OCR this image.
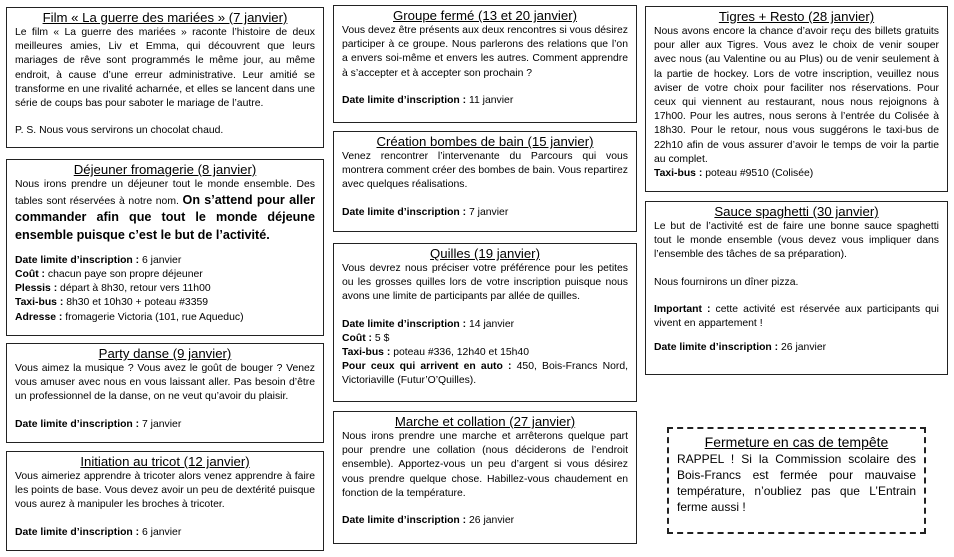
Film « La guerre des mariées » (7 janvier)

Le film « La guerre des mariées » raconte l’histoire de deux meilleures amies, Liv et Emma, qui découvrent que leurs mariages de rêve sont programmés le même jour, au même endroit, à cause d’une erreur administrative. Leur amitié se transforme en une rivalité acharnée, et elles se lancent dans une série de coups bas pour saboter le mariage de l’autre.

P. S. Nous vous servirons un chocolat chaud.

Déjeuner fromagerie (8 janvier)

Nous irons prendre un déjeuner tout le monde ensemble. Des tables sont réservées à notre nom. On s’attend pour aller commander afin que tout le monde déjeune ensemble puisque c’est le but de l’activité.

Date limite d’inscription : 6 janvier

Coût : chacun paye son propre déjeuner

Plessis : départ à 8h30, retour vers 11h00

Taxi-bus : 8h30 et 10h30 + poteau #3359

Adresse : fromagerie Victoria (101, rue Aqueduc)

Party danse (9 janvier)

Vous aimez la musique ? Vous avez le goût de bouger ? Venez vous amuser avec nous en vous laissant aller. Pas besoin d’être un professionnel de la danse, on ne veut qu’avoir du plaisir.

Date limite d’inscription : 7 janvier

Initiation au tricot (12 janvier)

Vous aimeriez apprendre à tricoter alors venez apprendre à faire les points de base. Vous devez avoir un peu de dextérité puisque vous aurez à manipuler les broches à tricoter.

Date limite d’inscription : 6 janvier

Groupe fermé (13 et 20 janvier)

Vous devez être présents aux deux rencontres si vous désirez participer à ce groupe. Nous parlerons des relations que l’on a envers soi-même et envers les autres. Comment apprendre à s’accepter et à accepter son prochain ?

Date limite d’inscription : 11 janvier

Création bombes de bain (15 janvier)

Venez rencontrer l’intervenante du Parcours qui vous montrera comment créer des bombes de bain. Vous repartirez avec quelques réalisations.

Date limite d’inscription : 7 janvier

Quilles (19 janvier)

Vous devrez nous préciser votre préférence pour les petites ou les grosses quilles lors de votre inscription puisque nous avons une limite de participants par allée de quilles.

Date limite d’inscription : 14 janvier

Coût : 5 $

Taxi-bus : poteau #336, 12h40 et 15h40

Pour ceux qui arrivent en auto : 450, Bois-Francs Nord, Victoriaville (Futur’O’Quilles).

Marche et collation (27 janvier)

Nous irons prendre une marche et arrêterons quelque part pour prendre une collation (nous déciderons de l’endroit ensemble). Apportez-vous un peu d’argent si vous désirez vous prendre quelque chose. Habillez-vous chaudement en fonction de la température.

Date limite d’inscription : 26 janvier

Tigres + Resto (28 janvier)

Nous avons encore la chance d’avoir reçu des billets gratuits pour aller aux Tigres. Vous avez le choix de venir souper avec nous (au Valentine ou au Plus) ou de venir seulement à la partie de hockey. Lors de votre inscription, veuillez nous aviser de votre choix pour faciliter nos réservations. Pour ceux qui viennent au restaurant, nous nous rejoignons à 17h00. Pour les autres, nous serons à l’entrée du Colisée à 18h30. Pour le retour, nous vous suggérons le taxi-bus de 22h10 afin de vous assurer d’avoir le temps de voir la partie au complet.

Taxi-bus : poteau #9510 (Colisée)

Sauce spaghetti (30 janvier)

Le but de l’activité est de faire une bonne sauce spaghetti tout le monde ensemble (vous devez vous impliquer dans l’ensemble des tâches de sa préparation).

Nous fournirons un dîner pizza.

Important : cette activité est réservée aux participants qui vivent en appartement !

Date limite d’inscription : 26 janvier

Fermeture en cas de tempête

RAPPEL ! Si la Commission scolaire des Bois-Francs est fermée pour mauvaise température, n’oubliez pas que L’Entrain ferme aussi !
